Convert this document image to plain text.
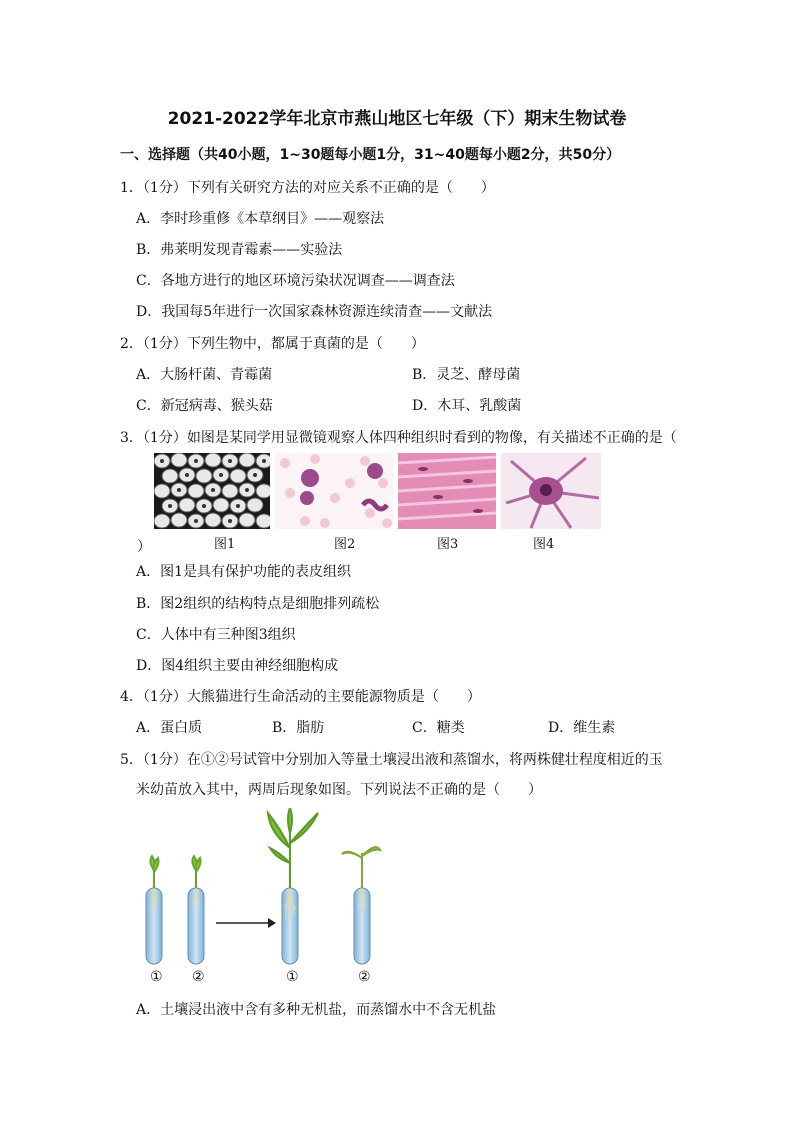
2021-2022学年北京市燕山地区七年级（下）期末生物试卷
一、选择题（共40小题，1~30题每小题1分，31~40题每小题2分，共50分）
1．（1分）下列有关研究方法的对应关系不正确的是（　　）
A．李时珍重修《本草纲目》——观察法
B．弗莱明发现青霉素——实验法
C．各地方进行的地区环境污染状况调查——调查法
D．我国每5年进行一次国家森林资源连续清查——文献法
2．（1分）下列生物中，都属于真菌的是（　　）
A．大肠杆菌、青霉菌	B．灵芝、酵母菌
C．新冠病毒、猴头菇	D．木耳、乳酸菌
3．（1分）如图是某同学用显微镜观察人体四种组织时看到的物像，有关描述不正确的是（
）	图1	图2	图3	图4
A．图1是具有保护功能的表皮组织
B．图2组织的结构特点是细胞排列疏松
C．人体中有三种图3组织
D．图4组织主要由神经细胞构成
4．（1分）大熊猫进行生命活动的主要能源物质是（　　）
A．蛋白质	B．脂肪	C．糖类	D．维生素
5．（1分）在①②号试管中分别加入等量土壤浸出液和蒸馏水，将两株健壮程度相近的玉
米幼苗放入其中，两周后现象如图。下列说法不正确的是（　　）
① ②	①	②
A．土壤浸出液中含有多种无机盐，而蒸馏水中不含无机盐
